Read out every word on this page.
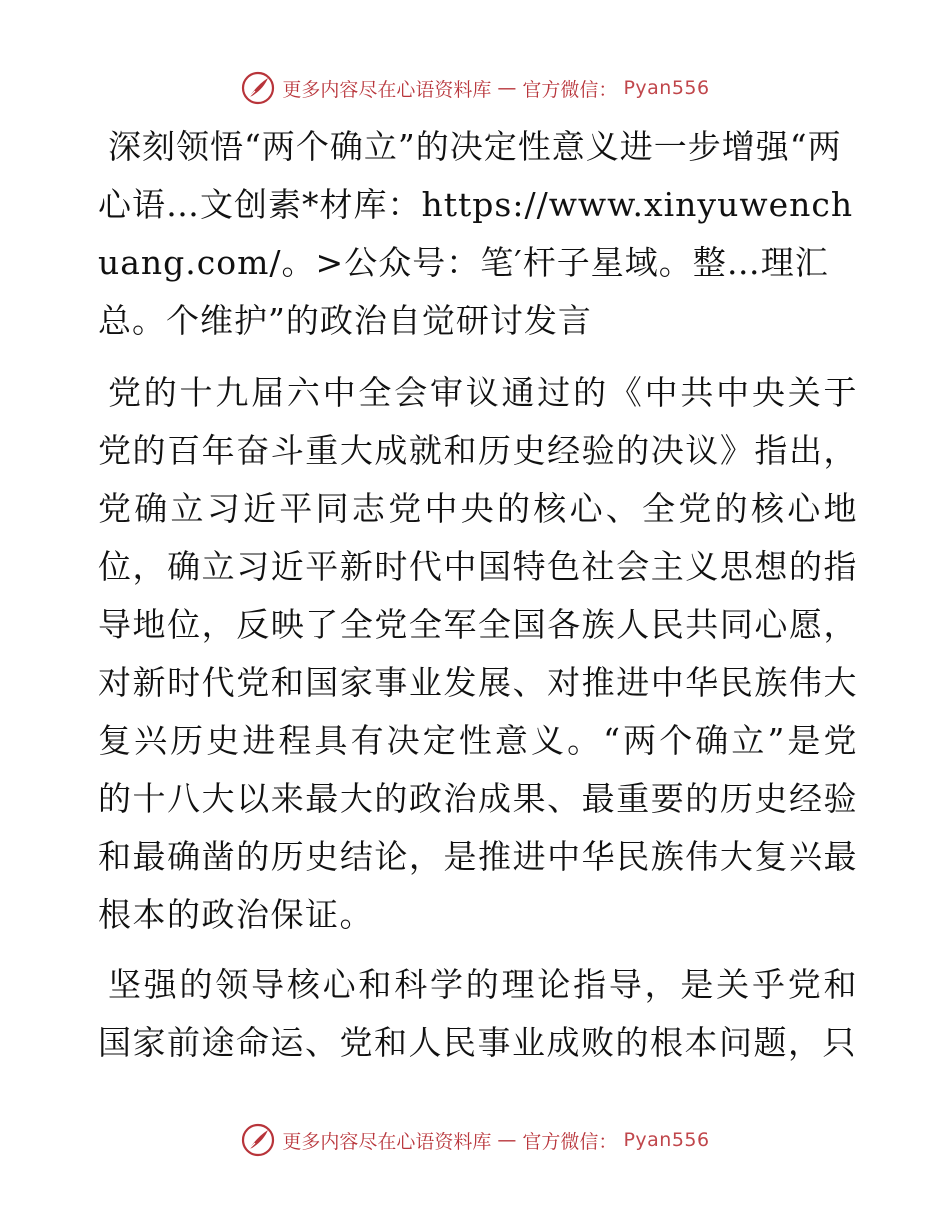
更多内容尽在心语资料库 — 官方微信： Pyan556
深刻领悟“两个确立”的决定性意义进一步增强“两心语…文创素*材库：https://www.xinyuwenchuang.com/。>公众号：笔′杆子星域。整…理汇总。个维护”的政治自觉研讨发言

党的十九届六中全会审议通过的《中共中央关于党的百年奋斗重大成就和历史经验的决议》指出，党确立习近平同志党中央的核心、全党的核心地位，确立习近平新时代中国特色社会主义思想的指导地位，反映了全党全军全国各族人民共同心愿，对新时代党和国家事业发展、对推进中华民族伟大复兴历史进程具有决定性意义。“两个确立”是党的十八大以来最大的政治成果、最重要的历史经验和最确凿的历史结论，是推进中华民族伟大复兴最根本的政治保证。

坚强的领导核心和科学的理论指导，是关乎党和国家前途命运、党和人民事业成败的根本问题，只

更多内容尽在心语资料库 — 官方微信： Pyan556
